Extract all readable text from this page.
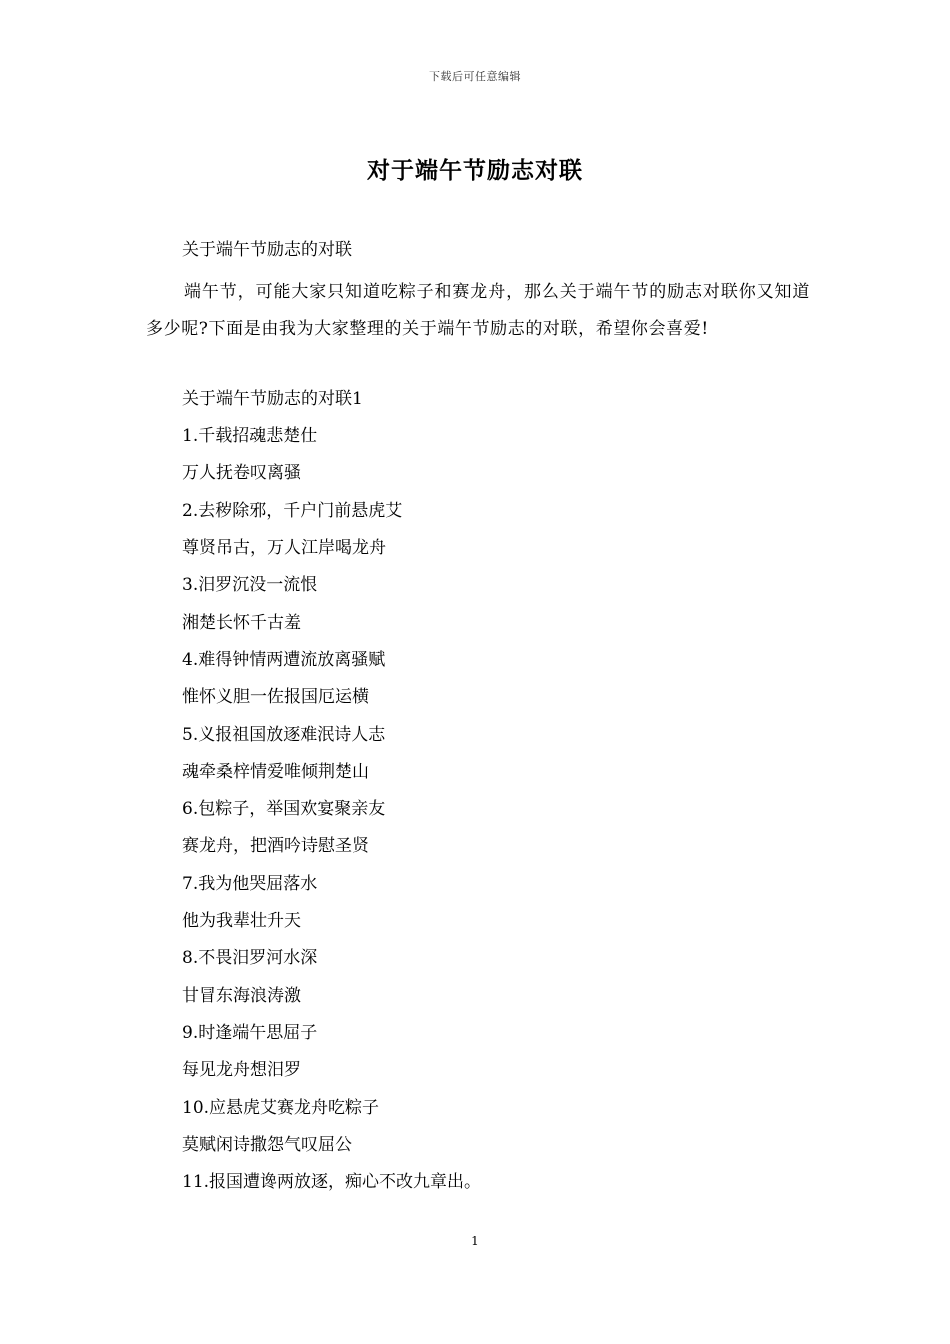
下载后可任意编辑
对于端午节励志对联
关于端午节励志的对联
端午节，可能大家只知道吃粽子和赛龙舟，那么关于端午节的励志对联你又知道多少呢?下面是由我为大家整理的关于端午节励志的对联，希望你会喜爱!
关于端午节励志的对联1
1.千载招魂悲楚仕
万人抚卷叹离骚
2.去秽除邪，千户门前悬虎艾
尊贤吊古，万人江岸喝龙舟
3.汨罗沉没一流恨
湘楚长怀千古羞
4.难得钟情两遭流放离骚赋
惟怀义胆一佐报国厄运横
5.义报祖国放逐难泯诗人志
魂牵桑梓情爱唯倾荆楚山
6.包粽子，举国欢宴聚亲友
赛龙舟，把酒吟诗慰圣贤
7.我为他哭屈落水
他为我辈壮升天
8.不畏汨罗河水深
甘冒东海浪涛激
9.时逢端午思屈子
每见龙舟想汨罗
10.应悬虎艾赛龙舟吃粽子
莫赋闲诗撒怨气叹屈公
11.报国遭谗两放逐，痴心不改九章出。
1
